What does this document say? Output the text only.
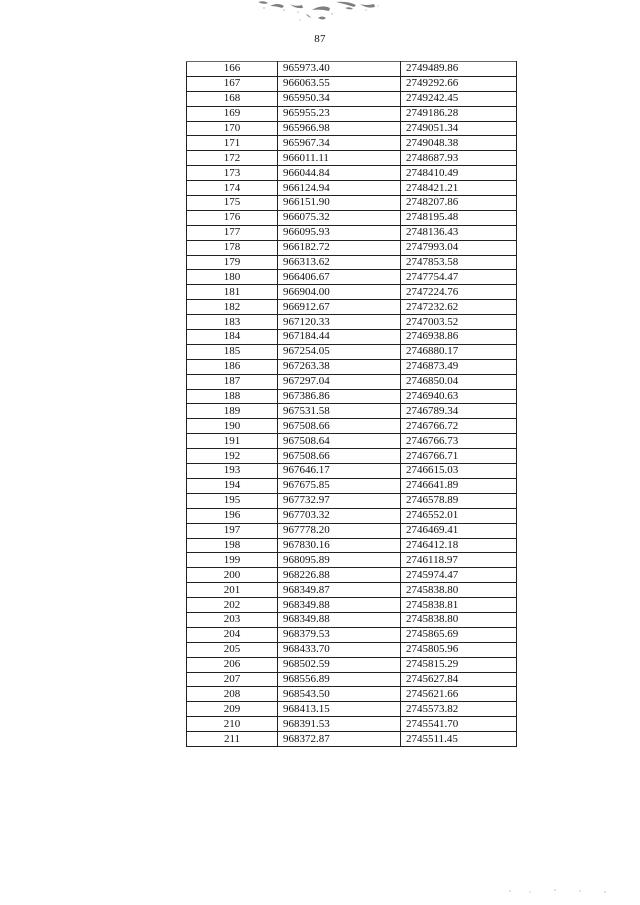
87
166	965973.40	2749489.86
167	966063.55	2749292.66
168	965950.34	2749242.45
169	965955.23	2749186.28
170	965966.98	2749051.34
171	965967.34	2749048.38
172	966011.11	2748687.93
173	966044.84	2748410.49
174	966124.94	2748421.21
175	966151.90	2748207.86
176	966075.32	2748195.48
177	966095.93	2748136.43
178	966182.72	2747993.04
179	966313.62	2747853.58
180	966406.67	2747754.47
181	966904.00	2747224.76
182	966912.67	2747232.62
183	967120.33	2747003.52
184	967184.44	2746938.86
185	967254.05	2746880.17
186	967263.38	2746873.49
187	967297.04	2746850.04
188	967386.86	2746940.63
189	967531.58	2746789.34
190	967508.66	2746766.72
191	967508.64	2746766.73
192	967508.66	2746766.71
193	967646.17	2746615.03
194	967675.85	2746641.89
195	967732.97	2746578.89
196	967703.32	2746552.01
197	967778.20	2746469.41
198	967830.16	2746412.18
199	968095.89	2746118.97
200	968226.88	2745974.47
201	968349.87	2745838.80
202	968349.88	2745838.81
203	968349.88	2745838.80
204	968379.53	2745865.69
205	968433.70	2745805.96
206	968502.59	2745815.29
207	968556.89	2745627.84
208	968543.50	2745621.66
209	968413.15	2745573.82
210	968391.53	2745541.70
211	968372.87	2745511.45
